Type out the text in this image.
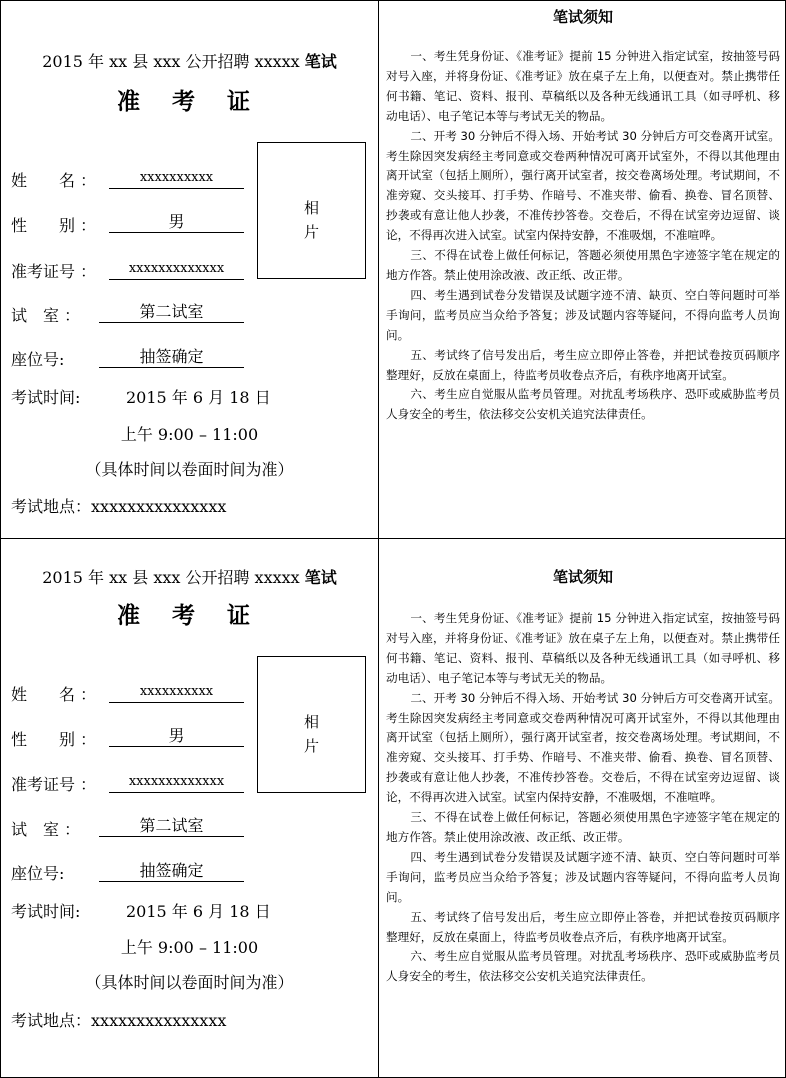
2015 年 xx 县 xxx 公开招聘 xxxxx 笔试
准 考 证
姓　　名 ：	xxxxxxxxxx
性　　别 ：	男
准考证号 ：	xxxxxxxxxxxxx
试　室 ：	第二试室
座位号:	抽签确定
考试时间:	2015 年 6 月 18 日
上午 9:00 – 11:00
（具体时间以卷面时间为准）
考试地点：xxxxxxxxxxxxxxx
相
片
笔试须知

一、考生凭身份证、《准考证》提前 15 分钟进入指定试室，按抽签号码对号入座，并将身份证、《准考证》放在桌子左上角，以便查对。禁止携带任何书籍、笔记、资料、报刊、草稿纸以及各种无线通讯工具（如寻呼机、移动电话）、电子笔记本等与考试无关的物品。

二、开考 30 分钟后不得入场、开始考试 30 分钟后方可交卷离开试室。考生除因突发病经主考同意或交卷两种情况可离开试室外，不得以其他理由离开试室（包括上厕所），强行离开试室者，按交卷离场处理。考试期间，不准旁窥、交头接耳、打手势、作暗号、不准夹带、偷看、换卷、冒名顶替、抄袭或有意让他人抄袭，不准传抄答卷。交卷后，不得在试室旁边逗留、谈论，不得再次进入试室。试室内保持安静，不准吸烟，不准喧哗。

三、不得在试卷上做任何标记，答题必须使用黑色字迹签字笔在规定的地方作答。禁止使用涂改液、改正纸、改正带。

四、考生遇到试卷分发错误及试题字迹不清、缺页、空白等问题时可举手询问，监考员应当众给予答复；涉及试题内容等疑问，不得向监考人员询问。

五、考试终了信号发出后，考生应立即停止答卷，并把试卷按页码顺序整理好，反放在桌面上，待监考员收卷点齐后，有秩序地离开试室。

六、考生应自觉服从监考员管理。对扰乱考场秩序、恐吓或威胁监考员人身安全的考生，依法移交公安机关追究法律责任。

2015 年 xx 县 xxx 公开招聘 xxxxx 笔试
准 考 证
姓　　名 ：	xxxxxxxxxx
性　　别 ：	男
准考证号 ：	xxxxxxxxxxxxx
试　室 ：	第二试室
座位号:	抽签确定
考试时间:	2015 年 6 月 18 日
上午 9:00 – 11:00
（具体时间以卷面时间为准）
考试地点：xxxxxxxxxxxxxxx
相
片
笔试须知

一、考生凭身份证、《准考证》提前 15 分钟进入指定试室，按抽签号码对号入座，并将身份证、《准考证》放在桌子左上角，以便查对。禁止携带任何书籍、笔记、资料、报刊、草稿纸以及各种无线通讯工具（如寻呼机、移动电话）、电子笔记本等与考试无关的物品。

二、开考 30 分钟后不得入场、开始考试 30 分钟后方可交卷离开试室。考生除因突发病经主考同意或交卷两种情况可离开试室外，不得以其他理由离开试室（包括上厕所），强行离开试室者，按交卷离场处理。考试期间，不准旁窥、交头接耳、打手势、作暗号、不准夹带、偷看、换卷、冒名顶替、抄袭或有意让他人抄袭，不准传抄答卷。交卷后，不得在试室旁边逗留、谈论，不得再次进入试室。试室内保持安静，不准吸烟，不准喧哗。

三、不得在试卷上做任何标记，答题必须使用黑色字迹签字笔在规定的地方作答。禁止使用涂改液、改正纸、改正带。

四、考生遇到试卷分发错误及试题字迹不清、缺页、空白等问题时可举手询问，监考员应当众给予答复；涉及试题内容等疑问，不得向监考人员询问。

五、考试终了信号发出后，考生应立即停止答卷，并把试卷按页码顺序整理好，反放在桌面上，待监考员收卷点齐后，有秩序地离开试室。

六、考生应自觉服从监考员管理。对扰乱考场秩序、恐吓或威胁监考员人身安全的考生，依法移交公安机关追究法律责任。
